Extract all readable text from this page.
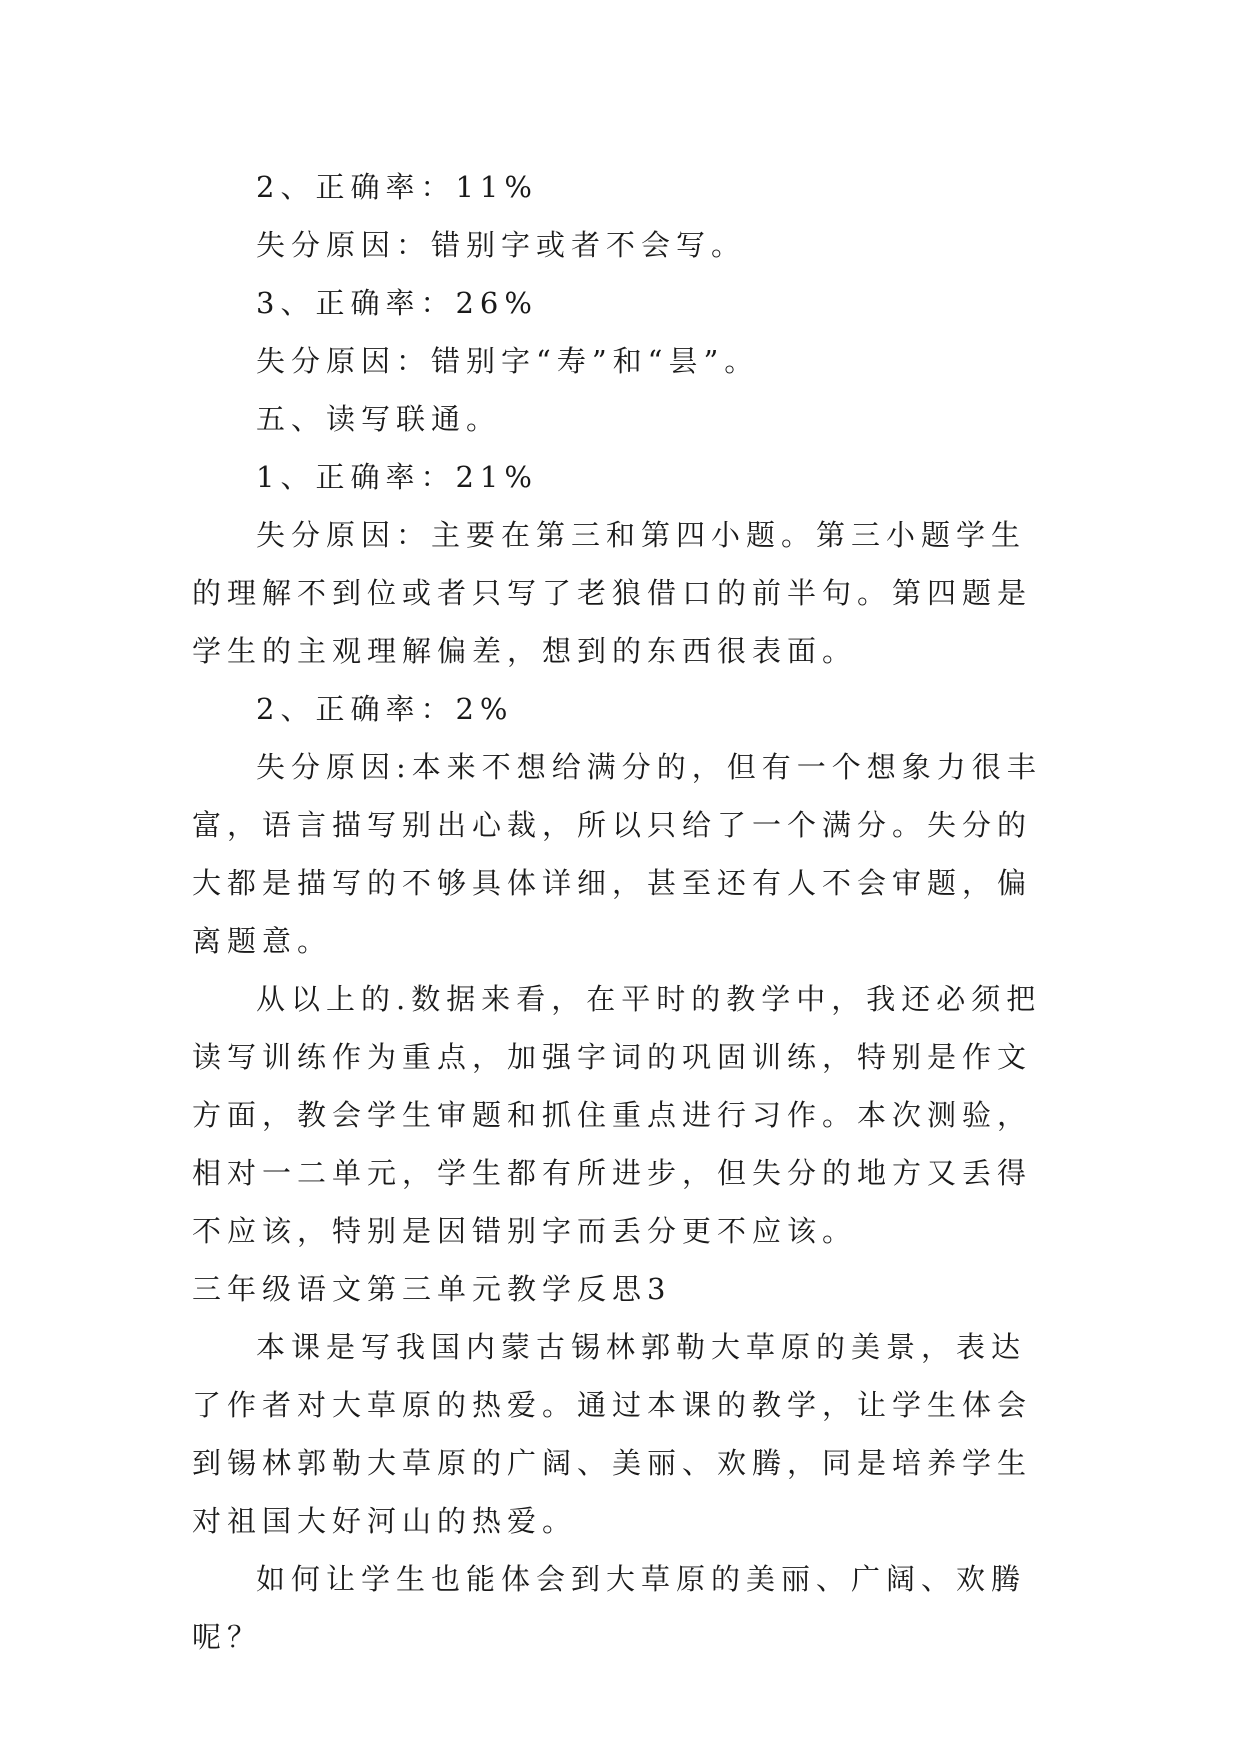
2、正确率：11%

失分原因：错别字或者不会写。

3、正确率：26%

失分原因：错别字“寿”和“昙”。

五、读写联通。

1、正确率：21%

失分原因：主要在第三和第四小题。第三小题学生的理解不到位或者只写了老狼借口的前半句。第四题是学生的主观理解偏差，想到的东西很表面。

2、正确率：2%

失分原因:本来不想给满分的，但有一个想象力很丰富，语言描写别出心裁，所以只给了一个满分。失分的大都是描写的不够具体详细，甚至还有人不会审题，偏离题意。

从以上的.数据来看，在平时的教学中，我还必须把读写训练作为重点，加强字词的巩固训练，特别是作文方面，教会学生审题和抓住重点进行习作。本次测验，相对一二单元，学生都有所进步，但失分的地方又丢得不应该，特别是因错别字而丢分更不应该。

三年级语文第三单元教学反思3

本课是写我国内蒙古锡林郭勒大草原的美景，表达了作者对大草原的热爱。通过本课的教学，让学生体会到锡林郭勒大草原的广阔、美丽、欢腾，同是培养学生对祖国大好河山的热爱。

如何让学生也能体会到大草原的美丽、广阔、欢腾呢？
